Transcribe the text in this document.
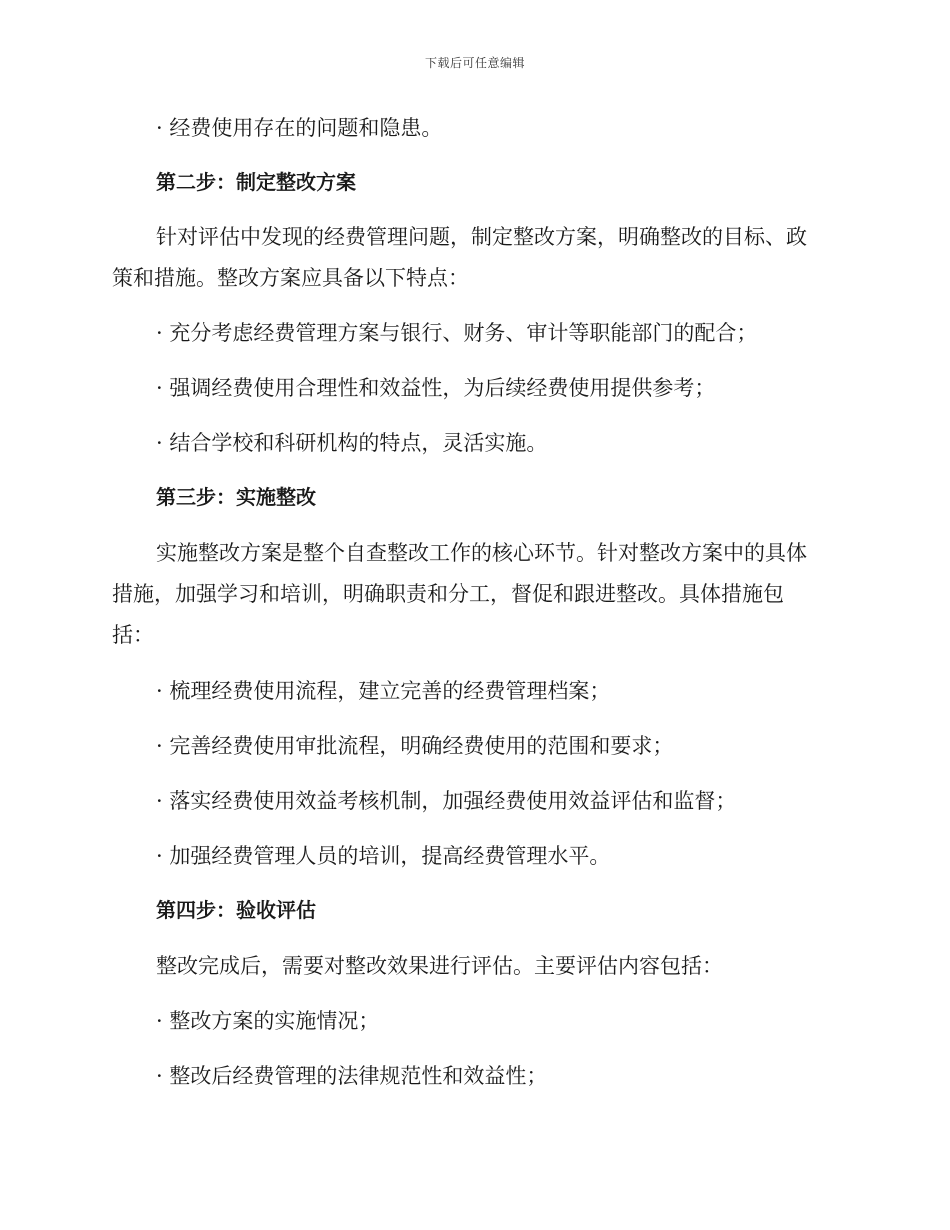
下载后可任意编辑
· 经费使用存在的问题和隐患。
第二步：制定整改方案
针对评估中发现的经费管理问题，制定整改方案，明确整改的目标、政
策和措施。整改方案应具备以下特点：
· 充分考虑经费管理方案与银行、财务、审计等职能部门的配合；
· 强调经费使用合理性和效益性，为后续经费使用提供参考；
· 结合学校和科研机构的特点，灵活实施。
第三步：实施整改
实施整改方案是整个自查整改工作的核心环节。针对整改方案中的具体
措施，加强学习和培训，明确职责和分工，督促和跟进整改。具体措施包
括：
· 梳理经费使用流程，建立完善的经费管理档案；
· 完善经费使用审批流程，明确经费使用的范围和要求；
· 落实经费使用效益考核机制，加强经费使用效益评估和监督；
· 加强经费管理人员的培训，提高经费管理水平。
第四步：验收评估
整改完成后，需要对整改效果进行评估。主要评估内容包括：
· 整改方案的实施情况；
· 整改后经费管理的法律规范性和效益性；
